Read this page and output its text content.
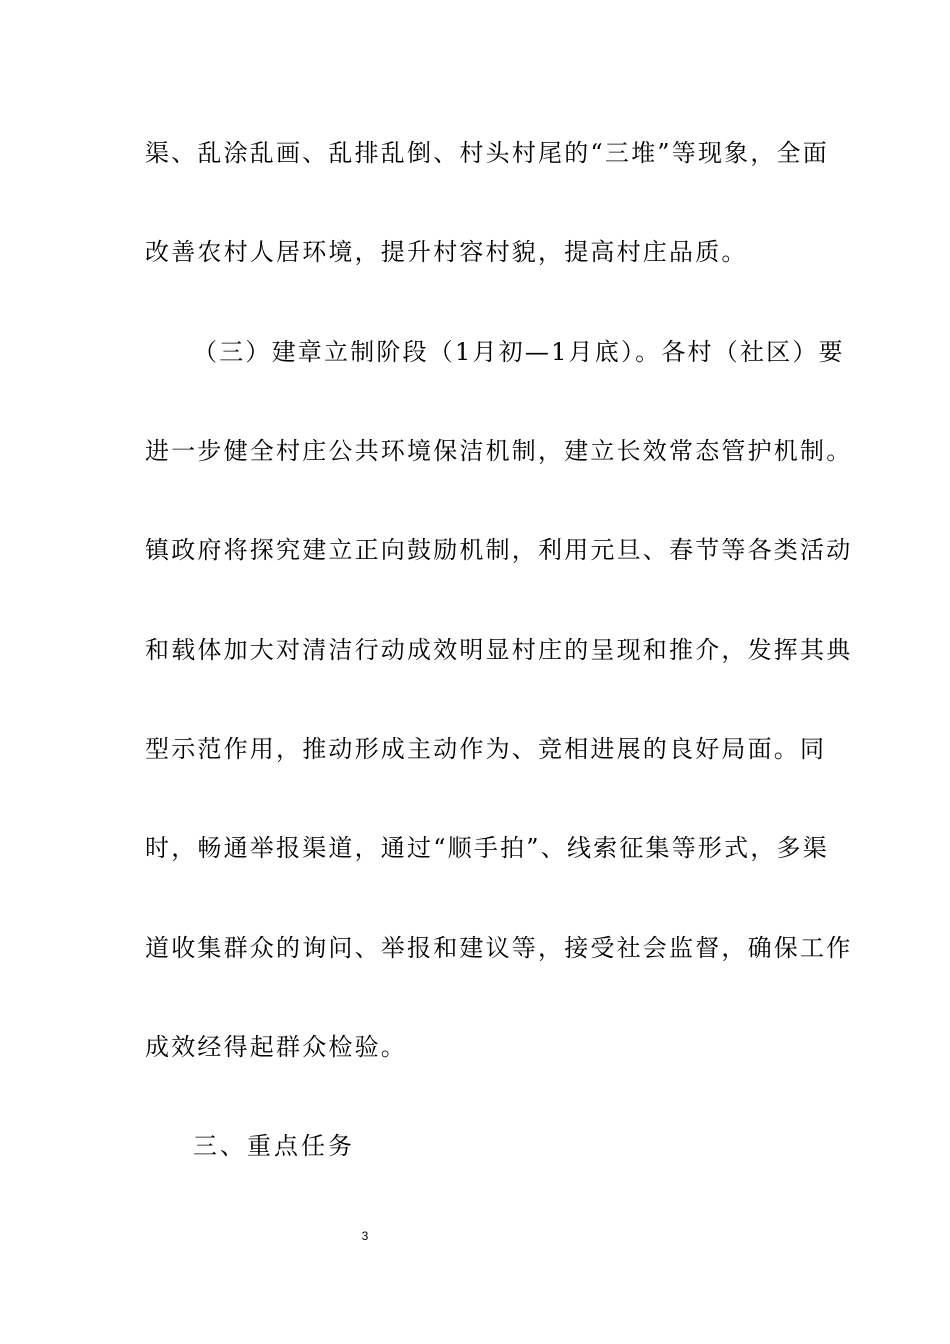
渠、乱涂乱画、乱排乱倒、村头村尾的“三堆”等现象，全面
改善农村人居环境，提升村容村貌，提高村庄品质。
（三）建章立制阶段（1月初—1月底）。各村（社区）要
进一步健全村庄公共环境保洁机制，建立长效常态管护机制。
镇政府将探究建立正向鼓励机制，利用元旦、春节等各类活动
和载体加大对清洁行动成效明显村庄的呈现和推介，发挥其典
型示范作用，推动形成主动作为、竞相进展的良好局面。同
时，畅通举报渠道，通过“顺手拍”、线索征集等形式，多渠
道收集群众的询问、举报和建议等，接受社会监督，确保工作
成效经得起群众检验。
三、重点任务
3
